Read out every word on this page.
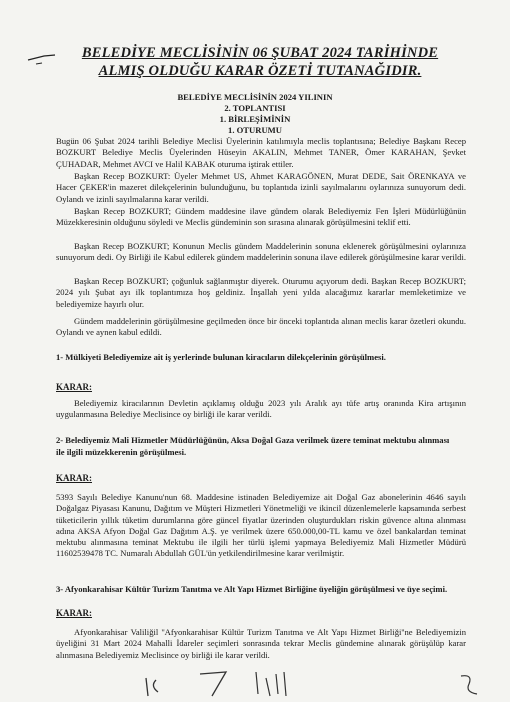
BELEDİYE MECLİSİNİN 06 ŞUBAT 2024 TARİHİNDE
ALMIŞ OLDUĞU KARAR ÖZETİ TUTANAĞIDIR.
BELEDİYE MECLİSİNİN 2024 YILININ
2. TOPLANTISI
1. BİRLEŞİMİNİN
1. OTURUMU
Bugün 06 Şubat 2024 tarihli Belediye Meclisi Üyelerinin katılımıyla meclis toplantısına; Belediye Başkanı Recep BOZKURT Belediye Meclis Üyelerinden Hüseyin AKALIN, Mehmet TANER, Ömer KARAHAN, Şevket ÇUHADAR, Mehmet AVCI ve Halil KABAK oturuma iştirak ettiler.
Başkan Recep BOZKURT: Üyeler Mehmet US, Ahmet KARAGÖNEN, Murat DEDE, Sait ÖRENKAYA ve Hacer ÇEKER'in mazeret dilekçelerinin bulunduğunu, bu toplantıda izinli sayılmalarını oylarınıza sunuyorum dedi. Oylandı ve izinli sayılmalarına karar verildi.
Başkan Recep BOZKURT; Gündem maddesine ilave gündem olarak Belediyemiz Fen İşleri Müdürlüğünün Müzekkeresinin olduğunu söyledi ve Meclis gündeminin son sırasına alınarak görüşülmesini teklif etti.
Başkan Recep BOZKURT; Konunun Meclis gündem Maddelerinin sonuna eklenerek görüşülmesini oylarınıza sunuyorum dedi. Oy Birliği ile Kabul edilerek gündem maddelerinin sonuna ilave edilerek görüşülmesine karar verildi.
Başkan Recep BOZKURT; çoğunluk sağlanmıştır diyerek. Oturumu açıyorum dedi. Başkan Recep BOZKURT; 2024 yılı Şubat ayı ilk toplantımıza hoş geldiniz. İnşallah yeni yılda alacağımız kararlar memleketimize ve belediyemize hayırlı olur.
Gündem maddelerinin görüşülmesine geçilmeden önce bir önceki toplantıda alınan meclis karar özetleri okundu. Oylandı ve aynen kabul edildi.
1- Mülkiyeti Belediyemize ait iş yerlerinde bulunan kiracıların dilekçelerinin görüşülmesi.
KARAR:
Belediyemiz kiracılarının Devletin açıklamış olduğu 2023 yılı Aralık ayı tüfe artış oranında Kira artışının uygulanmasına Belediye Meclisince oy birliği ile karar verildi.
2- Belediyemiz Mali Hizmetler Müdürlüğünün, Aksa Doğal Gaza verilmek üzere teminat mektubu alınması ile ilgili müzekkerenin görüşülmesi.
KARAR:
5393 Sayılı Belediye Kanunu'nun 68. Maddesine istinaden Belediyemize ait Doğal Gaz abonelerinin 4646 sayılı Doğalgaz Piyasası Kanunu, Dağıtım ve Müşteri Hizmetleri Yönetmeliği ve ikincil düzenlemelerle kapsamında serbest tüketicilerin yıllık tüketim durumlarına göre güncel fiyatlar üzerinden oluşturdukları riskin güvence altına alınması adına AKSA Afyon Doğal Gaz Dağıtım A.Ş. ye verilmek üzere 650.000,00-TL kamu ve özel bankalardan teminat mektubu alınmasına teminat Mektubu ile ilgili her türlü işlemi yapmaya Belediyemiz Mali Hizmetler Müdürü 11602539478 TC. Numaralı Abdullah GÜL'ün yetkilendirilmesine karar verilmiştir.
3- Afyonkarahisar Kültür Turizm Tanıtma ve Alt Yapı Hizmet Birliğine üyeliğin görüşülmesi ve üye seçimi.
KARAR:
Afyonkarahisar Valiliğil ''Afyonkarahisar Kültür Turizm Tanıtma ve Alt Yapı Hizmet Birliği''ne Belediyemizin üyeliğini 31 Mart 2024 Mahalli İdareler seçimleri sonrasında tekrar Meclis gündemine alınarak görüşülüp karar alınmasına Belediyemiz Meclisince oy birliği ile karar verildi.
